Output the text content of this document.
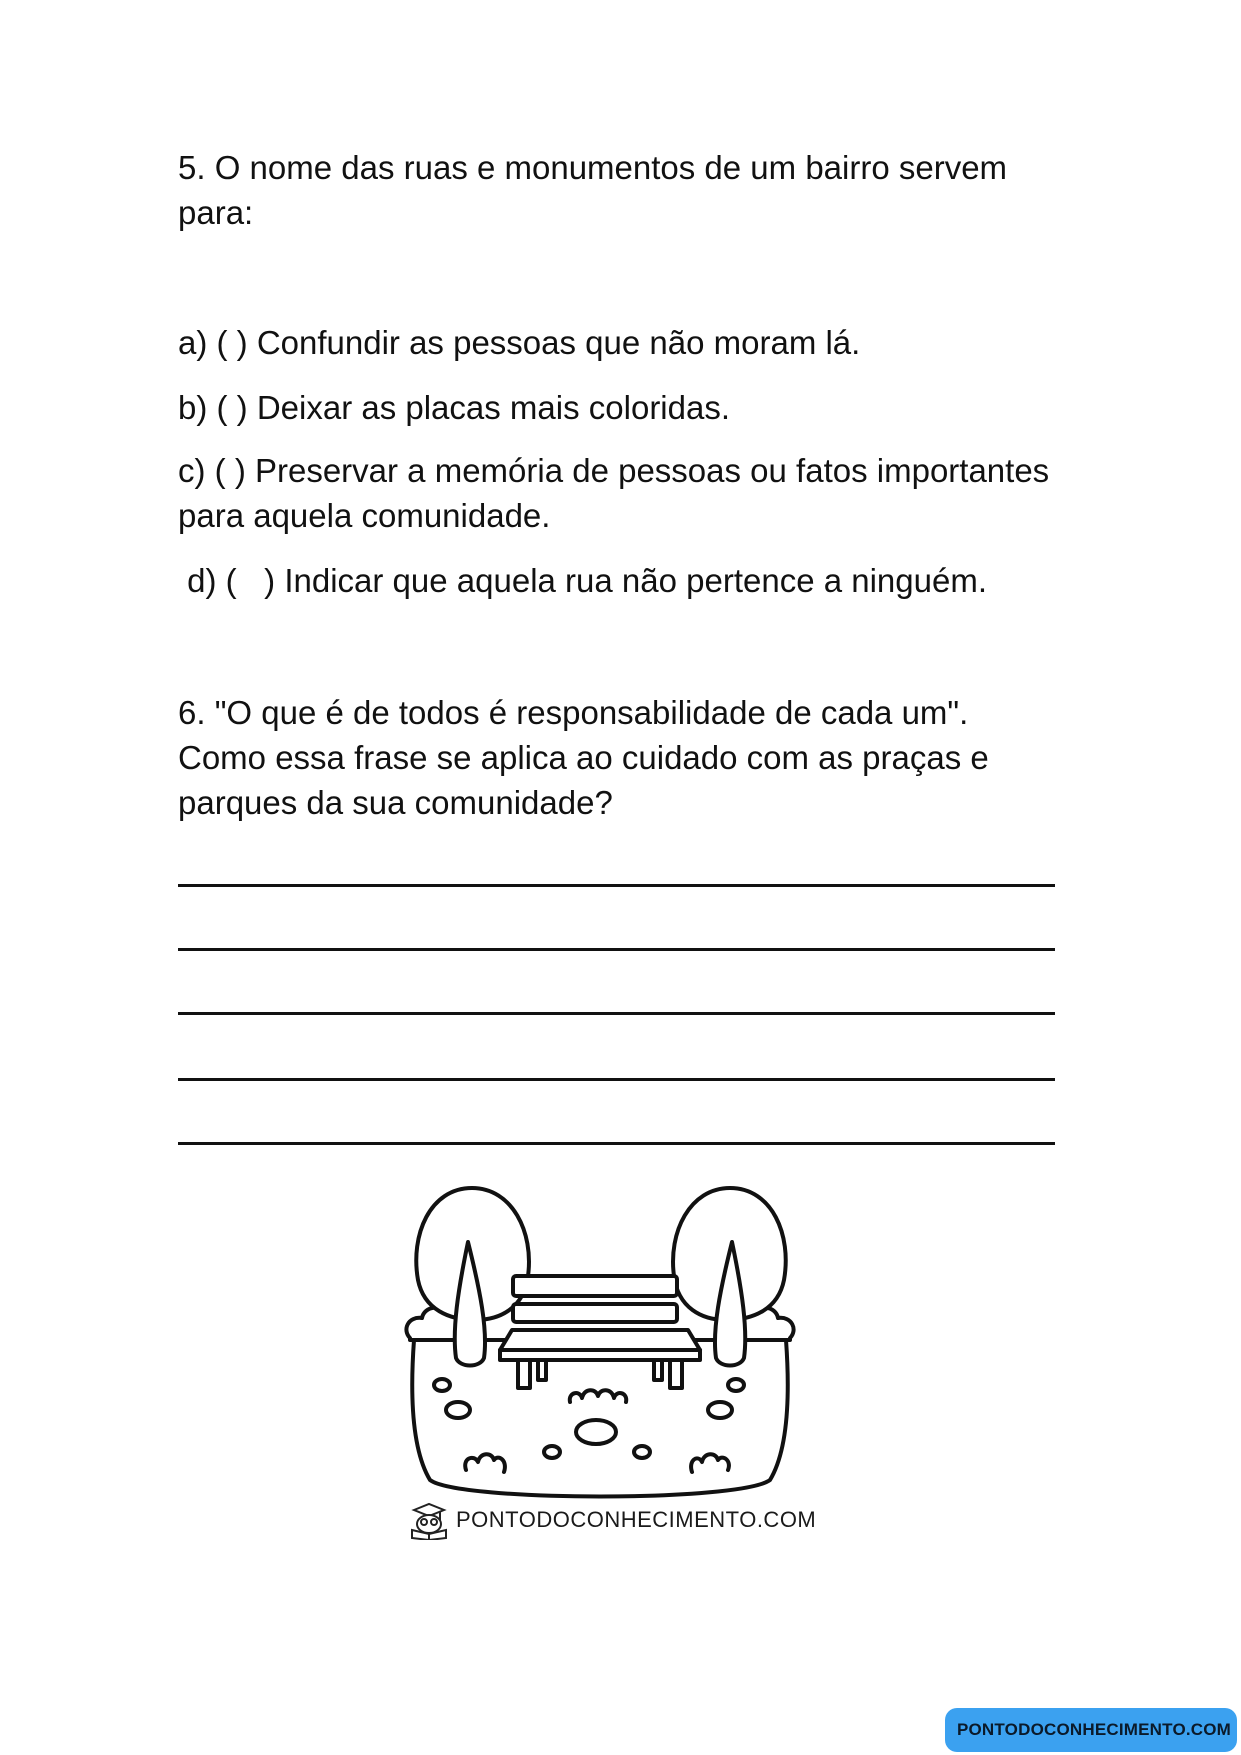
5. O nome das ruas e monumentos de um bairro servem para:

a) ( ) Confundir as pessoas que não moram lá.

b) ( ) Deixar as placas mais coloridas.

c) ( ) Preservar a memória de pessoas ou fatos importantes para aquela comunidade.

d) (   ) Indicar que aquela rua não pertence a ninguém.

6. "O que é de todos é responsabilidade de cada um". Como essa frase se aplica ao cuidado com as praças e parques da sua comunidade?

PONTODOCONHECIMENTO.COM
PONTODOCONHECIMENTO.COM
